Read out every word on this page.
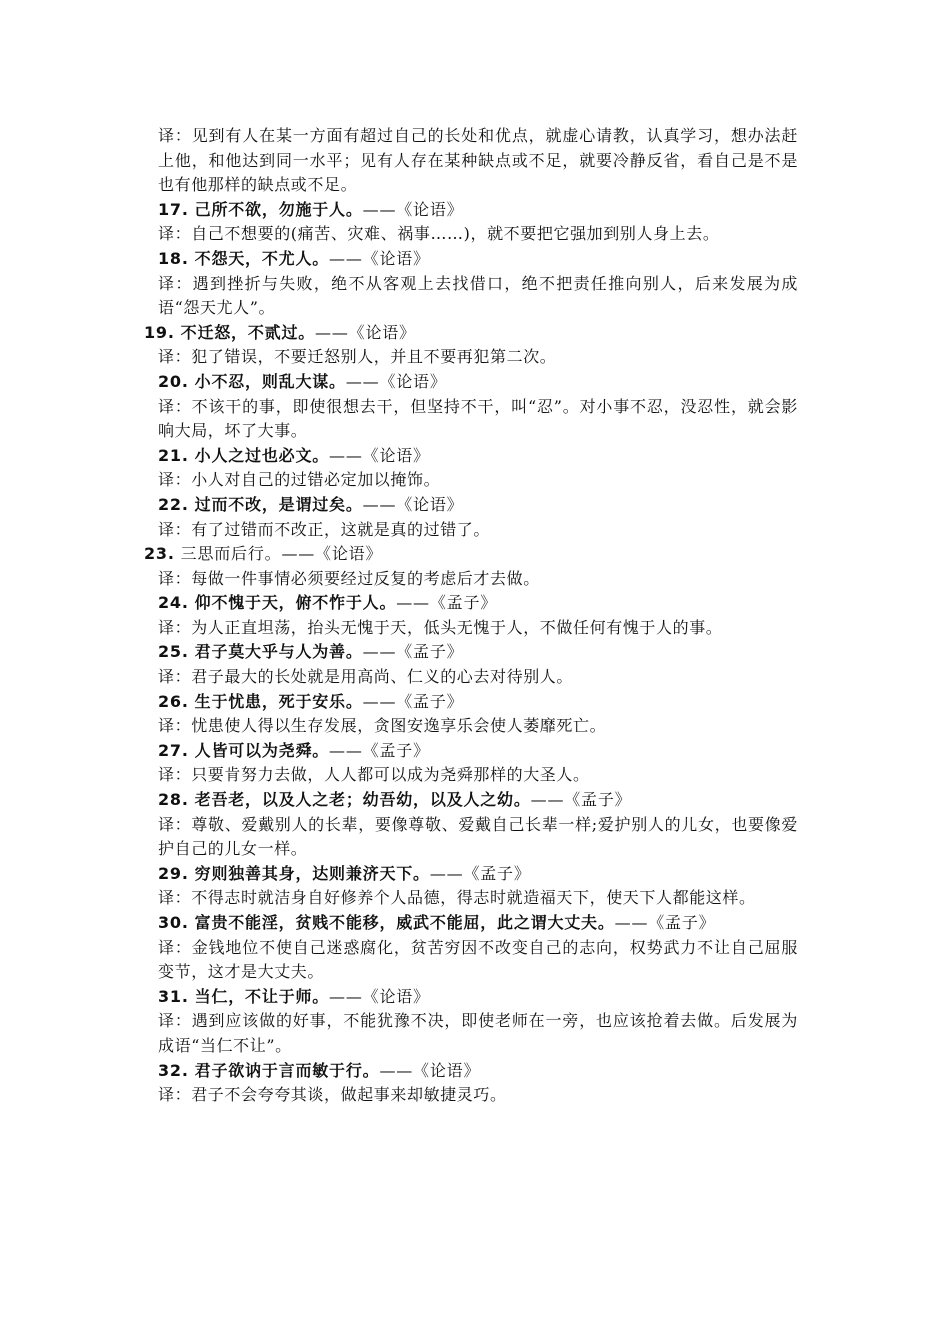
译：见到有人在某一方面有超过自己的长处和优点，就虚心请教，认真学习，想办法赶上他，和他达到同一水平；见有人存在某种缺点或不足，就要冷静反省，看自己是不是也有他那样的缺点或不足。
17. 己所不欲，勿施于人。——《论语》
译：自己不想要的(痛苦、灾难、祸事……)，就不要把它强加到别人身上去。
18. 不怨天，不尤人。——《论语》
译：遇到挫折与失败，绝不从客观上去找借口，绝不把责任推向别人，后来发展为成语“怨天尤人”。
19. 不迁怒，不贰过。——《论语》
译：犯了错误，不要迁怒别人，并且不要再犯第二次。
20. 小不忍，则乱大谋。——《论语》
译：不该干的事，即使很想去干，但坚持不干，叫“忍”。对小事不忍，没忍性，就会影响大局，坏了大事。
21. 小人之过也必文。——《论语》
译：小人对自己的过错必定加以掩饰。
22. 过而不改，是谓过矣。——《论语》
译：有了过错而不改正，这就是真的过错了。
23. 三思而后行。——《论语》
译：每做一件事情必须要经过反复的考虑后才去做。
24. 仰不愧于天，俯不怍于人。——《孟子》
译：为人正直坦荡，抬头无愧于天，低头无愧于人，不做任何有愧于人的事。
25. 君子莫大乎与人为善。——《孟子》
译：君子最大的长处就是用高尚、仁义的心去对待别人。
26. 生于忧患，死于安乐。——《孟子》
译：忧患使人得以生存发展，贪图安逸享乐会使人萎靡死亡。
27. 人皆可以为尧舜。——《孟子》
译：只要肯努力去做，人人都可以成为尧舜那样的大圣人。
28. 老吾老，以及人之老；幼吾幼，以及人之幼。——《孟子》
译：尊敬、爱戴别人的长辈，要像尊敬、爱戴自己长辈一样;爱护别人的儿女，也要像爱护自己的儿女一样。
29. 穷则独善其身，达则兼济天下。——《孟子》
译：不得志时就洁身自好修养个人品德，得志时就造福天下，使天下人都能这样。
30. 富贵不能淫，贫贱不能移，威武不能屈，此之谓大丈夫。——《孟子》
译：金钱地位不使自己迷惑腐化，贫苦穷因不改变自己的志向，权势武力不让自己屈服变节，这才是大丈夫。
31. 当仁，不让于师。——《论语》
译：遇到应该做的好事，不能犹豫不决，即使老师在一旁，也应该抢着去做。后发展为成语“当仁不让”。
32. 君子欲讷于言而敏于行。——《论语》
译：君子不会夸夸其谈，做起事来却敏捷灵巧。
